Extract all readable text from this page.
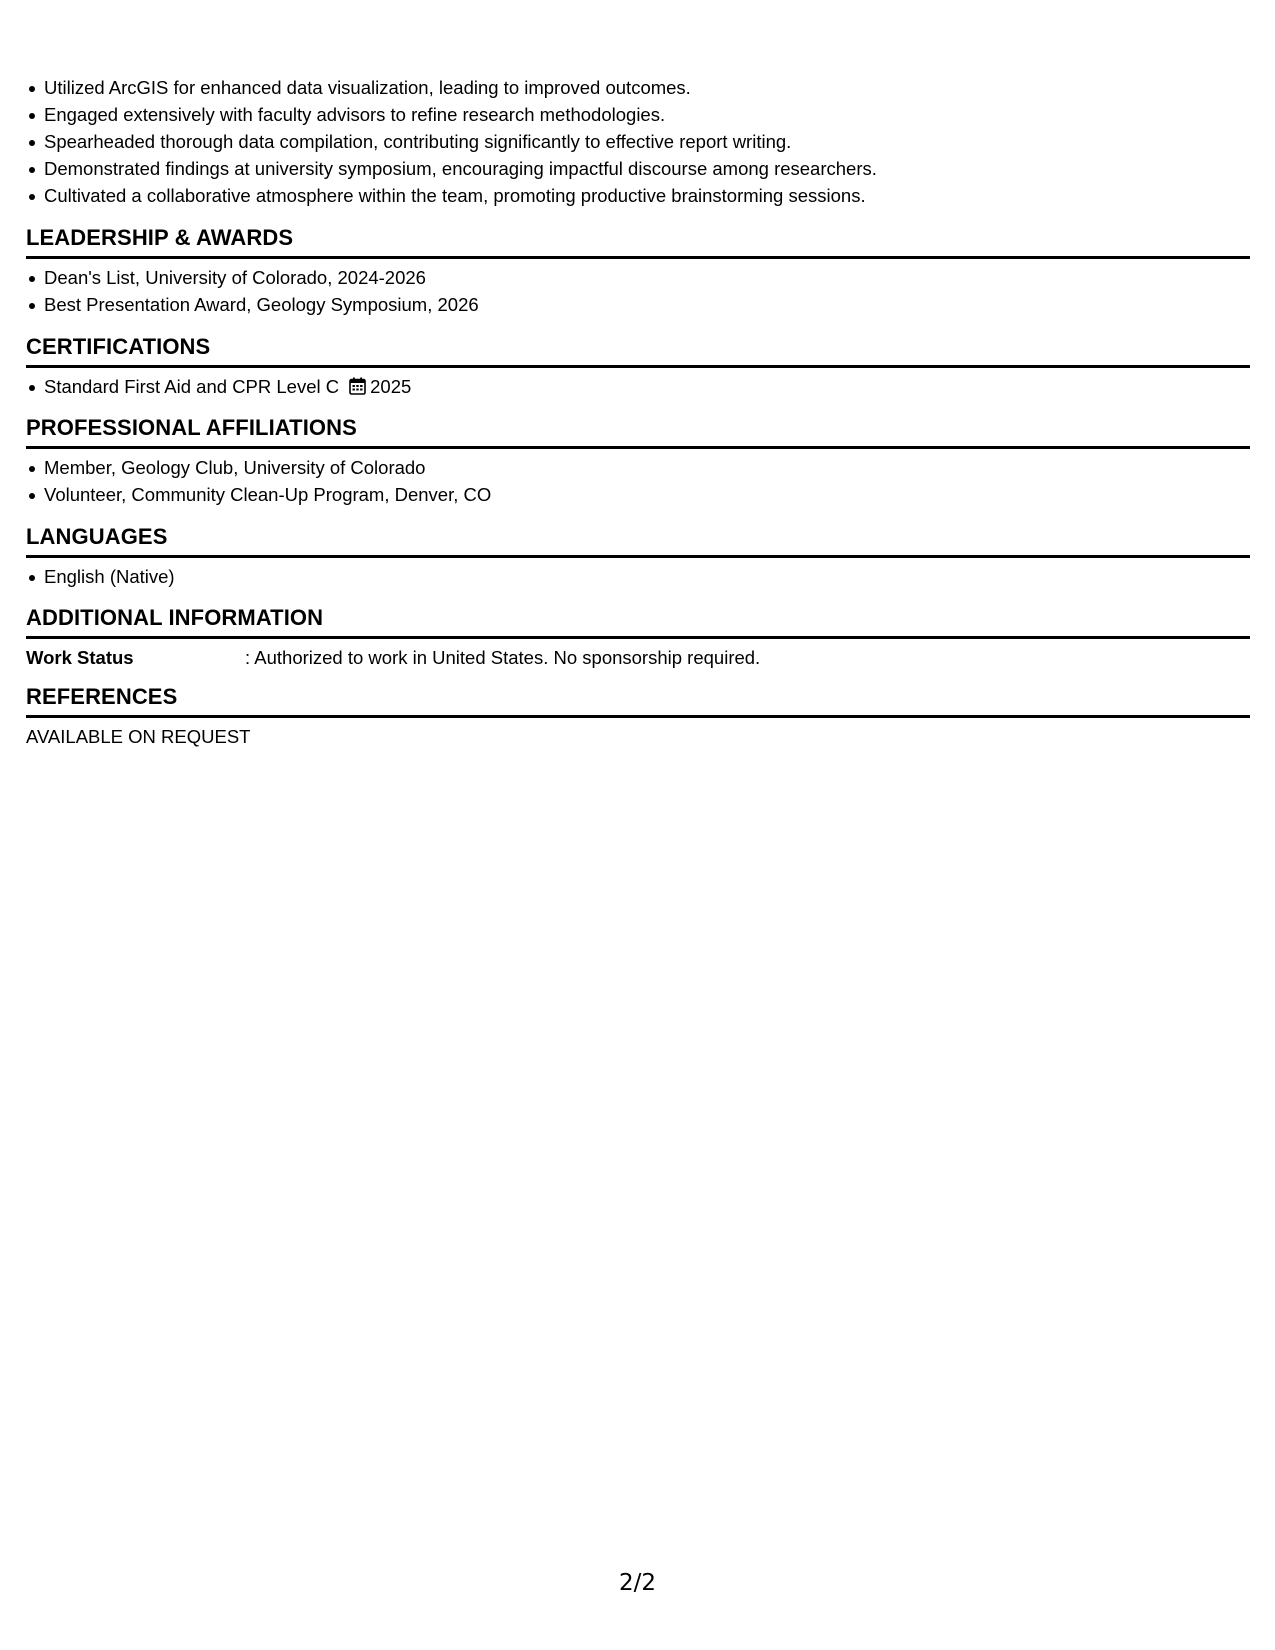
Utilized ArcGIS for enhanced data visualization, leading to improved outcomes.
Engaged extensively with faculty advisors to refine research methodologies.
Spearheaded thorough data compilation, contributing significantly to effective report writing.
Demonstrated findings at university symposium, encouraging impactful discourse among researchers.
Cultivated a collaborative atmosphere within the team, promoting productive brainstorming sessions.
LEADERSHIP & AWARDS
Dean's List, University of Colorado, 2024-2026
Best Presentation Award, Geology Symposium, 2026
CERTIFICATIONS
Standard First Aid and CPR Level C 2025
PROFESSIONAL AFFILIATIONS
Member, Geology Club, University of Colorado
Volunteer, Community Clean-Up Program, Denver, CO
LANGUAGES
English (Native)
ADDITIONAL INFORMATION
Work Status	: Authorized to work in United States. No sponsorship required.
REFERENCES
AVAILABLE ON REQUEST
2/2
